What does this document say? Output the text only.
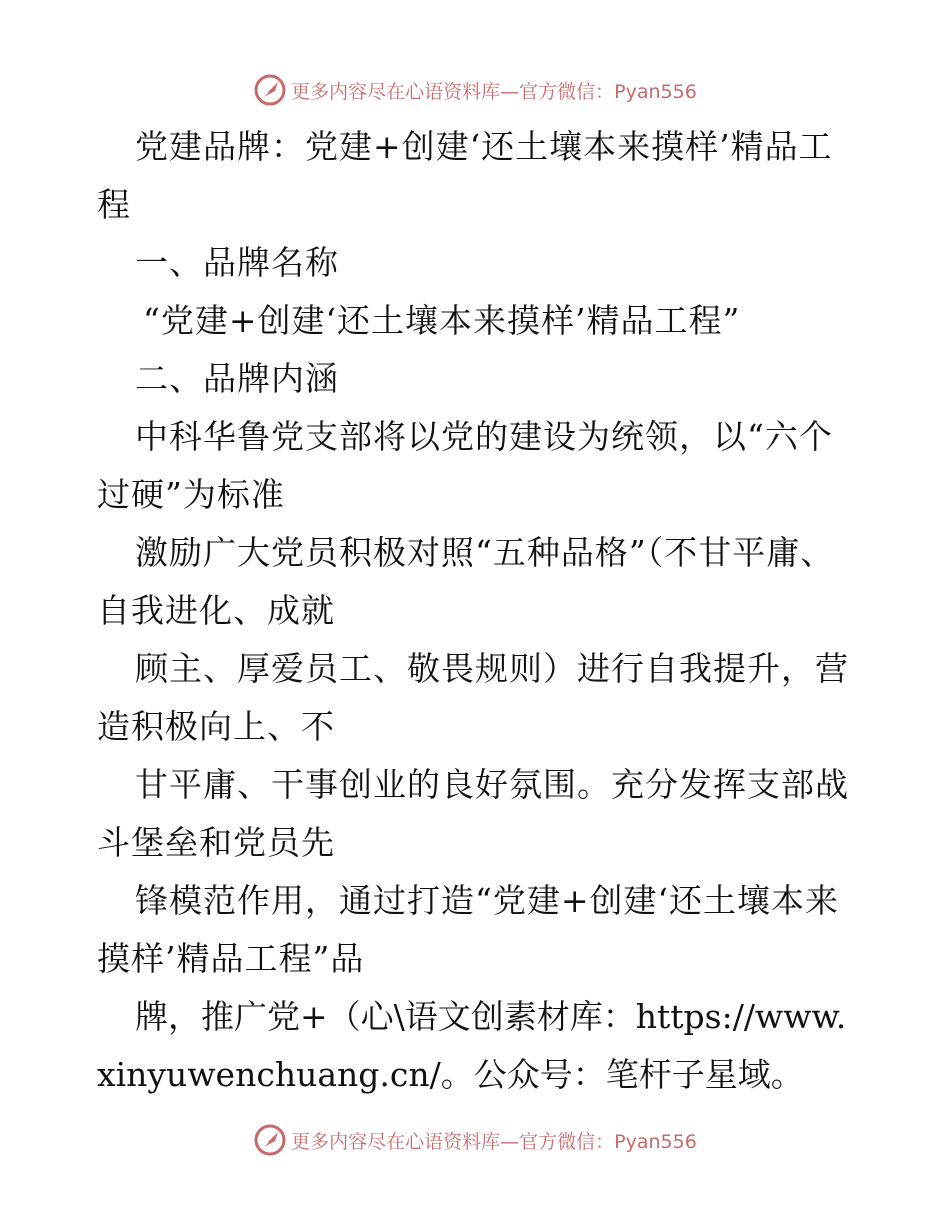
更多内容尽在心语资料库—官方微信：Pyan556

党建品牌：党建+创建‘还土壤本来摸样’精品工程

一、品牌名称

“党建+创建‘还土壤本来摸样’精品工程”

二、品牌内涵

中科华鲁党支部将以党的建设为统领，以“六个过硬”为标准

激励广大党员积极对照“五种品格”（不甘平庸、自我进化、成就

顾主、厚爱员工、敬畏规则）进行自我提升，营造积极向上、不

甘平庸、干事创业的良好氛围。充分发挥支部战斗堡垒和党员先

锋模范作用，通过打造“党建+创建‘还土壤本来摸样’精品工程”品

牌，推广党+（心\语文创素材库：https://www.xinyuwenchuang.cn/。公众号：笔杆子星域。

更多内容尽在心语资料库—官方微信：Pyan556
